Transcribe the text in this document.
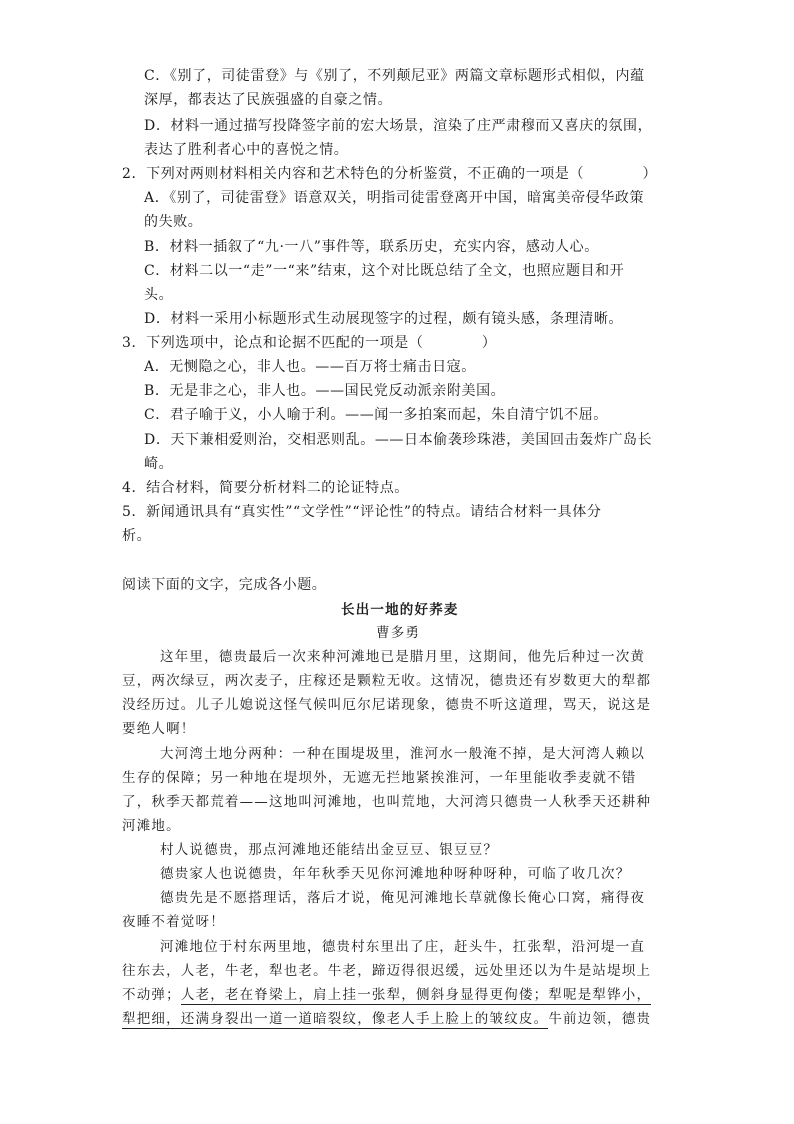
C．《别了，司徒雷登》与《别了，不列颠尼亚》两篇文章标题形式相似，内蕴
深厚，都表达了民族强盛的自豪之情。
D．材料一通过描写投降签字前的宏大场景，渲染了庄严肃穆而又喜庆的氛围，
表达了胜利者心中的喜悦之情。
2．下列对两则材料相关内容和艺术特色的分析鉴赏，不正确的一项是（　　　　）
A．《别了，司徒雷登》语意双关，明指司徒雷登离开中国，暗寓美帝侵华政策
的失败。
B．材料一插叙了“九·一八”事件等，联系历史，充实内容，感动人心。
C．材料二以一“走”一“来”结束，这个对比既总结了全文，也照应题目和开
头。
D．材料一采用小标题形式生动展现签字的过程，颇有镜头感，条理清晰。
3．下列选项中，论点和论据不匹配的一项是（　　　　）
A．无恻隐之心，非人也。——百万将士痛击日寇。
B．无是非之心，非人也。——国民党反动派亲附美国。
C．君子喻于义，小人喻于利。——闻一多拍案而起，朱自清宁饥不屈。
D．天下兼相爱则治，交相恶则乱。——日本偷袭珍珠港，美国回击轰炸广岛长
崎。
4．结合材料，简要分析材料二的论证特点。
5．新闻通讯具有“真实性”“文学性”“评论性”的特点。请结合材料一具体分
析。
阅读下面的文字，完成各小题。
长出一地的好荞麦
曹多勇
这年里，德贵最后一次来种河滩地已是腊月里，这期间，他先后种过一次黄
豆，两次绿豆，两次麦子，庄稼还是颗粒无收。这情况，德贵还有岁数更大的犁都
没经历过。儿子儿媳说这怪气候叫厄尔尼诺现象，德贵不听这道理，骂天，说这是
要绝人啊！
大河湾土地分两种：一种在围堤圾里，淮河水一般淹不掉，是大河湾人赖以
生存的保障；另一种地在堤坝外，无遮无拦地紧挨淮河，一年里能收季麦就不错
了，秋季天都荒着——这地叫河滩地，也叫荒地，大河湾只德贵一人秋季天还耕种
河滩地。
村人说德贵，那点河滩地还能结出金豆豆、银豆豆？
德贵家人也说德贵，年年秋季天见你河滩地种呀种呀种，可临了收几次？
德贵先是不愿搭理话，落后才说，俺见河滩地长草就像长俺心口窝，痛得夜
夜睡不着觉呀！
河滩地位于村东两里地，德贵村东里出了庄，赶头牛，扛张犁，沿河堤一直
往东去，人老，牛老，犁也老。牛老，蹄迈得很迟缓，远处里还以为牛是站堤坝上
不动弹；人老，老在脊梁上，肩上挂一张犁，侧斜身显得更佝偻；犁呢是犁铧小，
犁把细，还满身裂出一道一道暗裂纹，像老人手上脸上的皱纹皮。牛前边领，德贵
